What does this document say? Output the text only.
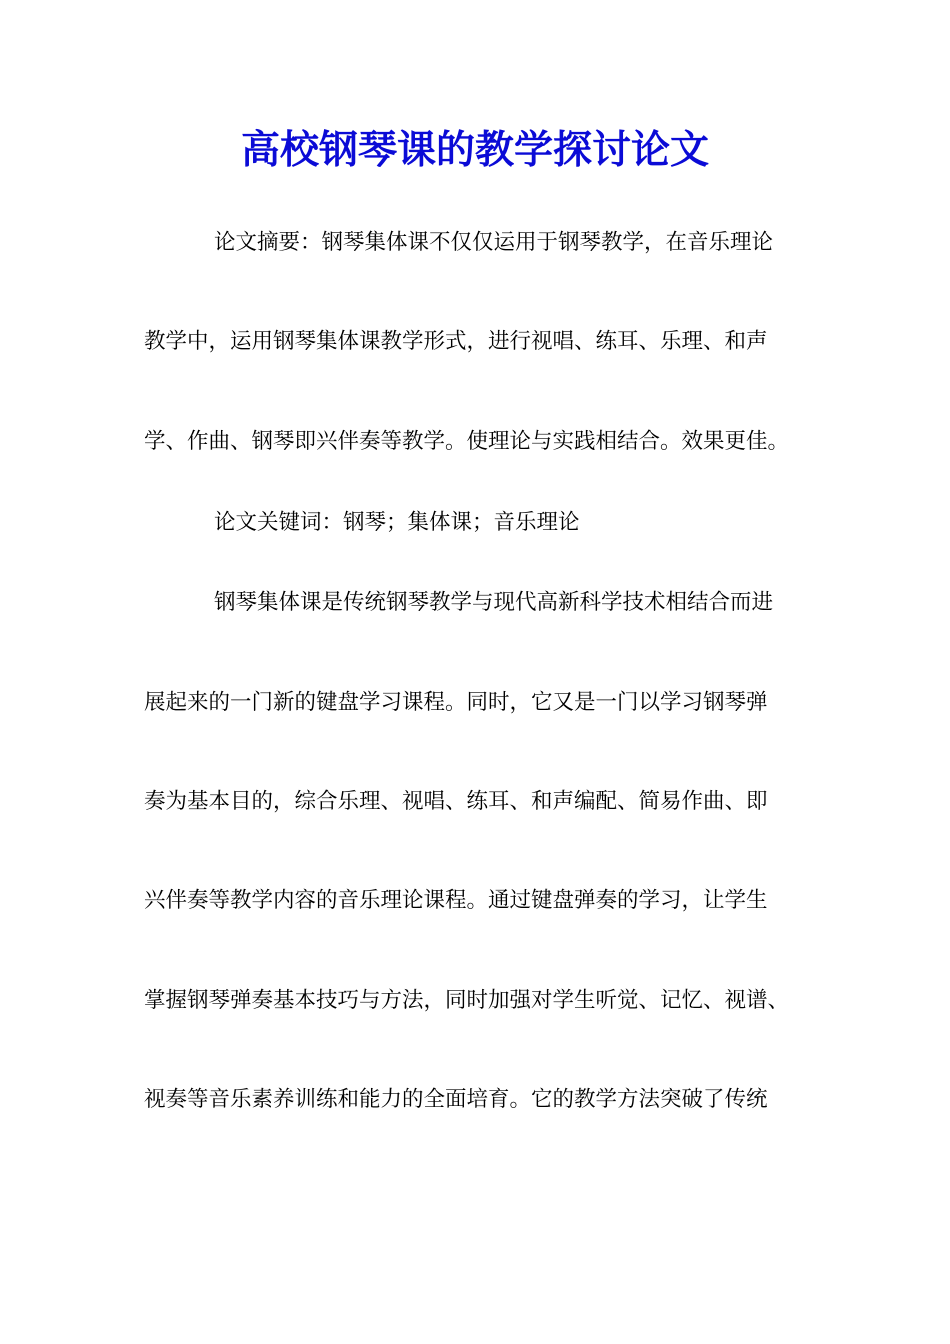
高校钢琴课的教学探讨论文

论文摘要：钢琴集体课不仅仅运用于钢琴教学，在音乐理论

教学中，运用钢琴集体课教学形式，进行视唱、练耳、乐理、和声

学、作曲、钢琴即兴伴奏等教学。使理论与实践相结合。效果更佳。

论文关键词：钢琴；集体课；音乐理论

钢琴集体课是传统钢琴教学与现代高新科学技术相结合而进

展起来的一门新的键盘学习课程。同时，它又是一门以学习钢琴弹

奏为基本目的，综合乐理、视唱、练耳、和声编配、简易作曲、即

兴伴奏等教学内容的音乐理论课程。通过键盘弹奏的学习，让学生

掌握钢琴弹奏基本技巧与方法，同时加强对学生听觉、记忆、视谱、

视奏等音乐素养训练和能力的全面培育。它的教学方法突破了传统
